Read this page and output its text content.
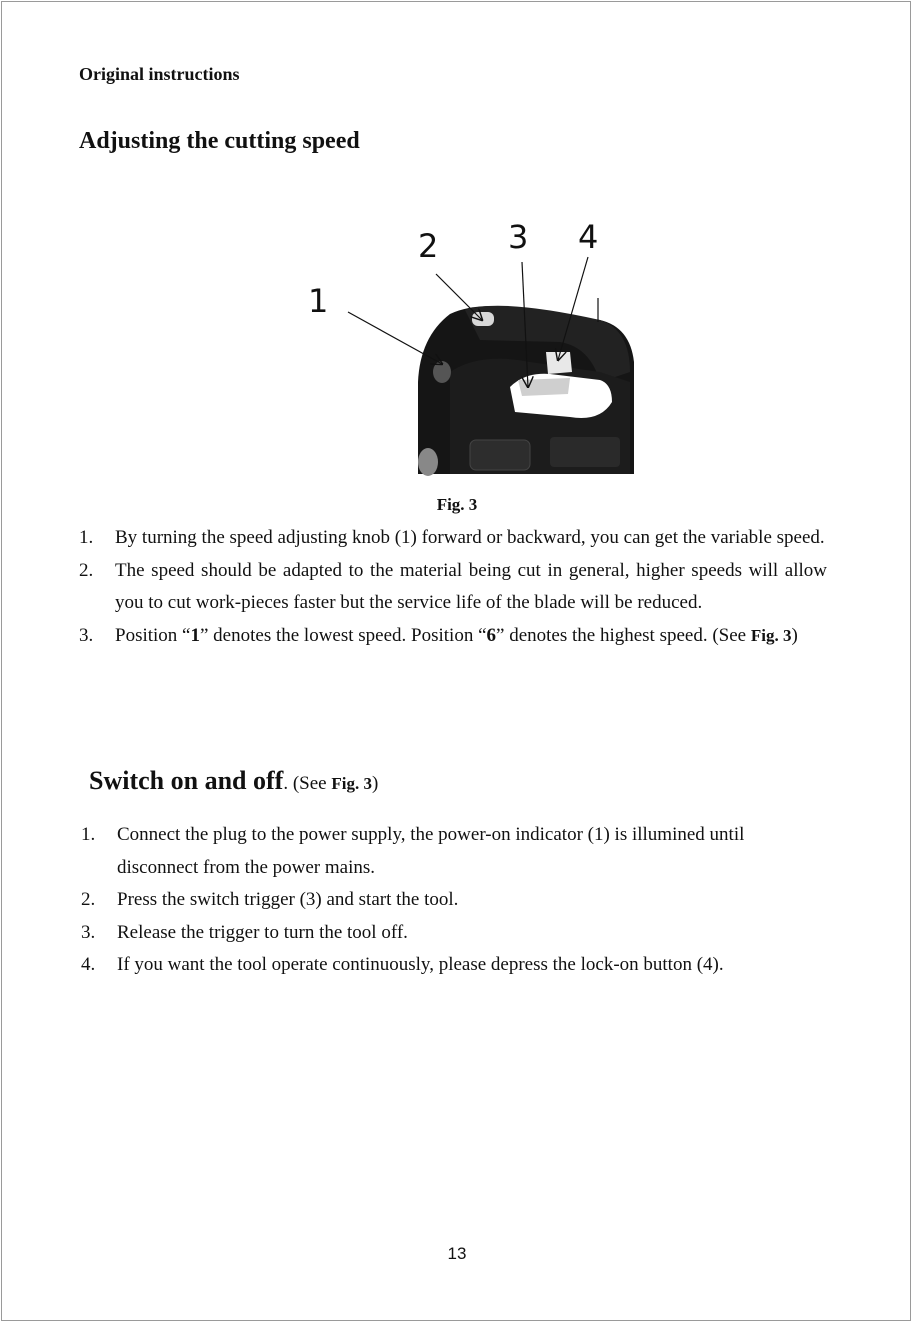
Original instructions
Adjusting the cutting speed
1
2 3 4
Fig. 3
1. By turning the speed adjusting knob (1) forward or backward, you can get the variable speed.
2. The speed should be adapted to the material being cut in general, higher speeds will allow you to cut work-pieces faster but the service life of the blade will be reduced.
3. Position “1” denotes the lowest speed. Position “6” denotes the highest speed. (See Fig. 3)
Switch on and off. (See Fig. 3)
1. Connect the plug to the power supply, the power-on indicator (1) is illumined until disconnect from the power mains.
2. Press the switch trigger (3) and start the tool.
3. Release the trigger to turn the tool off.
4. If you want the tool operate continuously, please depress the lock-on button (4).
13
